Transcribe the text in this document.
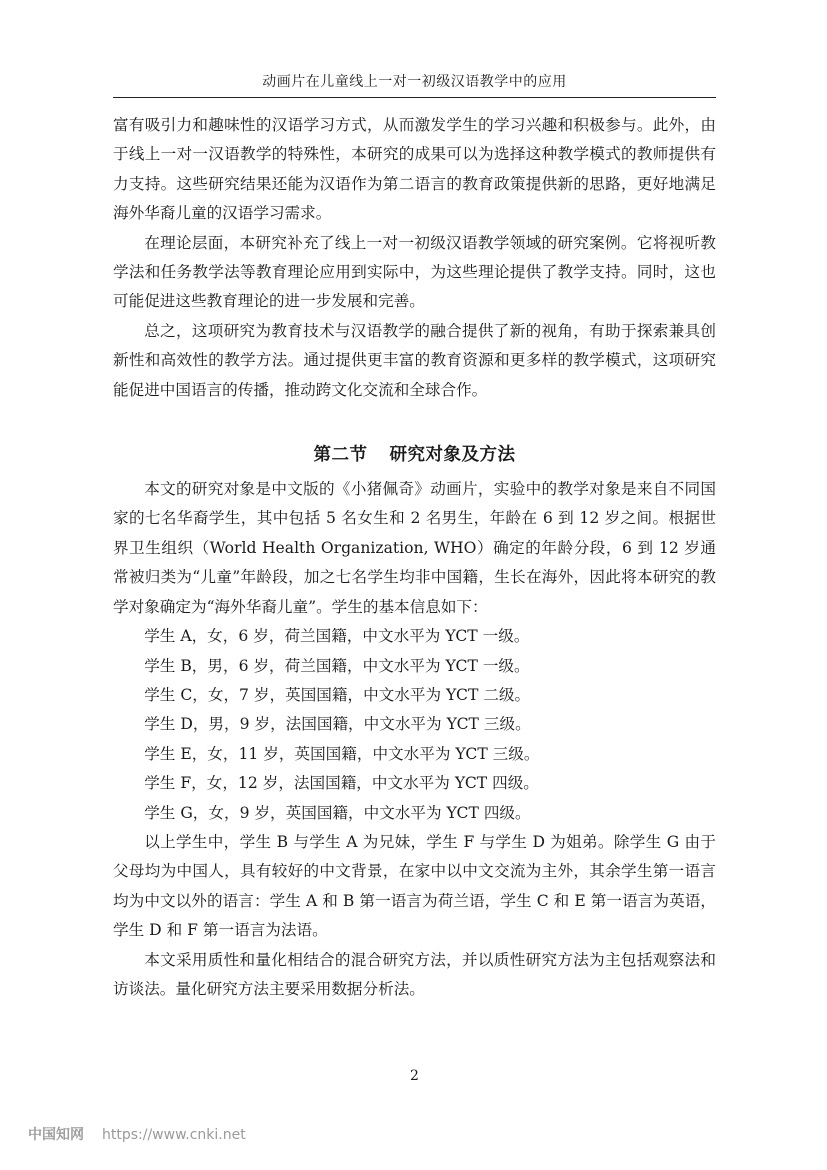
动画片在儿童线上一对一初级汉语教学中的应用

富有吸引力和趣味性的汉语学习方式，从而激发学生的学习兴趣和积极参与。此外，由于线上一对一汉语教学的特殊性，本研究的成果可以为选择这种教学模式的教师提供有力支持。这些研究结果还能为汉语作为第二语言的教育政策提供新的思路，更好地满足海外华裔儿童的汉语学习需求。

在理论层面，本研究补充了线上一对一初级汉语教学领域的研究案例。它将视听教学法和任务教学法等教育理论应用到实际中，为这些理论提供了教学支持。同时，这也可能促进这些教育理论的进一步发展和完善。

总之，这项研究为教育技术与汉语教学的融合提供了新的视角，有助于探索兼具创新性和高效性的教学方法。通过提供更丰富的教育资源和更多样的教学模式，这项研究能促进中国语言的传播，推动跨文化交流和全球合作。

第二节 研究对象及方法

本文的研究对象是中文版的《小猪佩奇》动画片，实验中的教学对象是来自不同国家的七名华裔学生，其中包括 5 名女生和 2 名男生，年龄在 6 到 12 岁之间。根据世界卫生组织（World Health Organization, WHO）确定的年龄分段，6 到 12 岁通常被归类为“儿童”年龄段，加之七名学生均非中国籍，生长在海外，因此将本研究的教学对象确定为“海外华裔儿童”。学生的基本信息如下：

学生 A，女，6 岁，荷兰国籍，中文水平为 YCT 一级。
学生 B，男，6 岁，荷兰国籍，中文水平为 YCT 一级。
学生 C，女，7 岁，英国国籍，中文水平为 YCT 二级。
学生 D，男，9 岁，法国国籍，中文水平为 YCT 三级。
学生 E，女，11 岁，英国国籍，中文水平为 YCT 三级。
学生 F，女，12 岁，法国国籍，中文水平为 YCT 四级。
学生 G，女，9 岁，英国国籍，中文水平为 YCT 四级。

以上学生中，学生 B 与学生 A 为兄妹，学生 F 与学生 D 为姐弟。除学生 G 由于父母均为中国人，具有较好的中文背景，在家中以中文交流为主外，其余学生第一语言均为中文以外的语言：学生 A 和 B 第一语言为荷兰语，学生 C 和 E 第一语言为英语，学生 D 和 F 第一语言为法语。

本文采用质性和量化相结合的混合研究方法，并以质性研究方法为主包括观察法和访谈法。量化研究方法主要采用数据分析法。

2
中国知网 https://www.cnki.net
